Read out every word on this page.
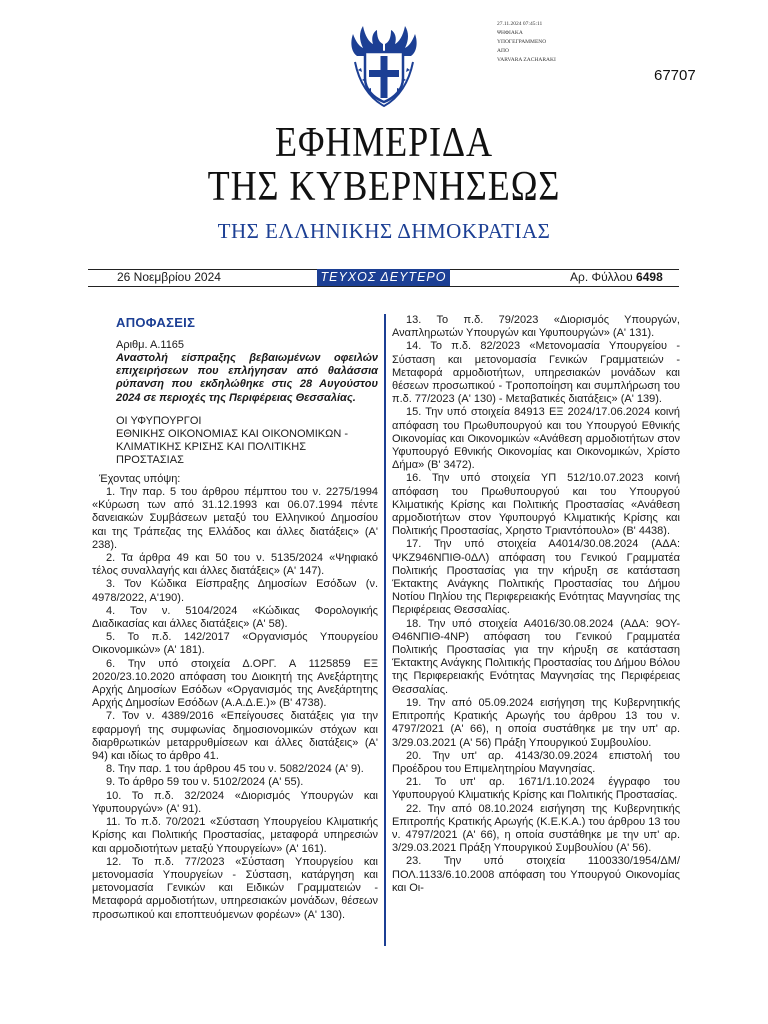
27.11.2024 07:45:11
ΨΗΦΙΑΚΑ
ΥΠΟΓΕΓΡΑΜΜΕΝΟ
ΑΠΟ
VARVARA ZACHARAKI
67707
ΕΦΗΜΕΡΙΔΑ
ΤΗΣ ΚΥΒΕΡΝΗΣΕΩΣ
ΤΗΣ ΕΛΛΗΝΙΚΗΣ ΔΗΜΟΚΡΑΤΙΑΣ
26 Νοεμβρίου 2024	ΤΕΥΧΟΣ ΔΕΥΤΕΡΟ	Αρ. Φύλλου 6498
ΑΠΟΦΑΣΕΙΣ
Αριθμ. Α.1165
Αναστολή είσπραξης βεβαιωμένων οφειλών επιχειρήσεων που επλήγησαν από θαλάσσια ρύπανση που εκδηλώθηκε στις 28 Αυγούστου 2024 σε περιοχές της Περιφέρειας Θεσσαλίας.
ΟΙ ΥΦΥΠΟΥΡΓΟΙ
ΕΘΝΙΚΗΣ ΟΙΚΟΝΟΜΙΑΣ ΚΑΙ ΟΙΚΟΝΟΜΙΚΩΝ -
ΚΛΙΜΑΤΙΚΗΣ ΚΡΙΣΗΣ ΚΑΙ ΠΟΛΙΤΙΚΗΣ
ΠΡΟΣΤΑΣΙΑΣ

Έχοντας υπόψη:

1. Την παρ. 5 του άρθρου πέμπτου του ν. 2275/1994 «Κύρωση των από 31.12.1993 και 06.07.1994 πέντε δανειακών Συμβάσεων μεταξύ του Ελληνικού Δημοσίου και της Τράπεζας της Ελλάδος και άλλες διατάξεις» (Α' 238).

2. Τα άρθρα 49 και 50 του ν. 5135/2024 «Ψηφιακό τέλος συναλλαγής και άλλες διατάξεις» (Α' 147).

3. Τον Κώδικα Είσπραξης Δημοσίων Εσόδων (ν. 4978/2022, Α'190).

4. Τον ν. 5104/2024 «Κώδικας Φορολογικής Διαδικασίας και άλλες διατάξεις» (Α' 58).

5. Το π.δ. 142/2017 «Οργανισμός Υπουργείου Οικονομικών» (Α' 181).

6. Την υπό στοιχεία Δ.ΟΡΓ. Α 1125859 ΕΞ 2020/23.10.2020 απόφαση του Διοικητή της Ανεξάρτητης Αρχής Δημοσίων Εσόδων «Οργανισμός της Ανεξάρτητης Αρχής Δημοσίων Εσόδων (Α.Α.Δ.Ε.)» (Β' 4738).

7. Τον ν. 4389/2016 «Επείγουσες διατάξεις για την εφαρμογή της συμφωνίας δημοσιονομικών στόχων και διαρθρωτικών μεταρρυθμίσεων και άλλες διατάξεις» (Α' 94) και ιδίως το άρθρο 41.

8. Την παρ. 1 του άρθρου 45 του ν. 5082/2024 (Α' 9).

9. Το άρθρο 59 του ν. 5102/2024 (Α' 55).

10. Το π.δ. 32/2024 «Διορισμός Υπουργών και Υφυπουργών» (Α' 91).

11. Το π.δ. 70/2021 «Σύσταση Υπουργείου Κλιματικής Κρίσης και Πολιτικής Προστασίας, μεταφορά υπηρεσιών και αρμοδιοτήτων μεταξύ Υπουργείων» (Α' 161).

12. Το π.δ. 77/2023 «Σύσταση Υπουργείου και μετονομασία Υπουργείων - Σύσταση, κατάργηση και μετονομασία Γενικών και Ειδικών Γραμματειών - Μεταφορά αρμοδιοτήτων, υπηρεσιακών μονάδων, θέσεων προσωπικού και εποπτευόμενων φορέων» (Α' 130).

13. Το π.δ. 79/2023 «Διορισμός Υπουργών, Αναπληρωτών Υπουργών και Υφυπουργών» (Α' 131).

14. Το π.δ. 82/2023 «Μετονομασία Υπουργείου - Σύσταση και μετονομασία Γενικών Γραμματειών - Μεταφορά αρμοδιοτήτων, υπηρεσιακών μονάδων και θέσεων προσωπικού - Τροποποίηση και συμπλήρωση του π.δ. 77/2023 (Α' 130) - Μεταβατικές διατάξεις» (Α' 139).

15. Την υπό στοιχεία 84913 ΕΞ 2024/17.06.2024 κοινή απόφαση του Πρωθυπουργού και του Υπουργού Εθνικής Οικονομίας και Οικονομικών «Ανάθεση αρμοδιοτήτων στον Υφυπουργό Εθνικής Οικονομίας και Οικονομικών, Χρίστο Δήμα» (Β' 3472).

16. Την υπό στοιχεία ΥΠ 512/10.07.2023 κοινή απόφαση του Πρωθυπουργού και του Υπουργού Κλιματικής Κρίσης και Πολιτικής Προστασίας «Ανάθεση αρμοδιοτήτων στον Υφυπουργό Κλιματικής Κρίσης και Πολιτικής Προστασίας, Χρηστο Τριαντόπουλο» (Β' 4438).

17. Την υπό στοιχεία Α4014/30.08.2024 (ΑΔΑ: ΨΚΖ946ΝΠΙΘ-0ΔΛ) απόφαση του Γενικού Γραμματέα Πολιτικής Προστασίας για την κήρυξη σε κατάσταση Έκτακτης Ανάγκης Πολιτικής Προστασίας του Δήμου Νοτίου Πηλίου της Περιφερειακής Ενότητας Μαγνησίας της Περιφέρειας Θεσσαλίας.

18. Την υπό στοιχεία Α4016/30.08.2024 (ΑΔΑ: 9ΟΥ-Θ46ΝΠΙΘ-4ΝΡ) απόφαση του Γενικού Γραμματέα Πολιτικής Προστασίας για την κήρυξη σε κατάσταση Έκτακτης Ανάγκης Πολιτικής Προστασίας του Δήμου Βόλου της Περιφερειακής Ενότητας Μαγνησίας της Περιφέρειας Θεσσαλίας.

19. Την από 05.09.2024 εισήγηση της Κυβερνητικής Επιτροπής Κρατικής Αρωγής του άρθρου 13 του ν. 4797/2021 (Α' 66), η οποία συστάθηκε με την υπ' αρ. 3/29.03.2021 (Α' 56) Πράξη Υπουργικού Συμβουλίου.

20. Την υπ' αρ. 4143/30.09.2024 επιστολή του Προέδρου του Επιμελητηρίου Μαγνησίας.

21. Το υπ' αρ. 1671/1.10.2024 έγγραφο του Υφυπουργού Κλιματικής Κρίσης και Πολιτικής Προστασίας.

22. Την από 08.10.2024 εισήγηση της Κυβερνητικής Επιτροπής Κρατικής Αρωγής (Κ.Ε.Κ.Α.) του άρθρου 13 του ν. 4797/2021 (Α' 66), η οποία συστάθηκε με την υπ' αρ. 3/29.03.2021 Πράξη Υπουργικού Συμβουλίου (Α' 56).

23. Την υπό στοιχεία 1100330/1954/ΔΜ/ΠΟΛ.1133/6.10.2008 απόφαση του Υπουργού Οικονομίας και Οι-
